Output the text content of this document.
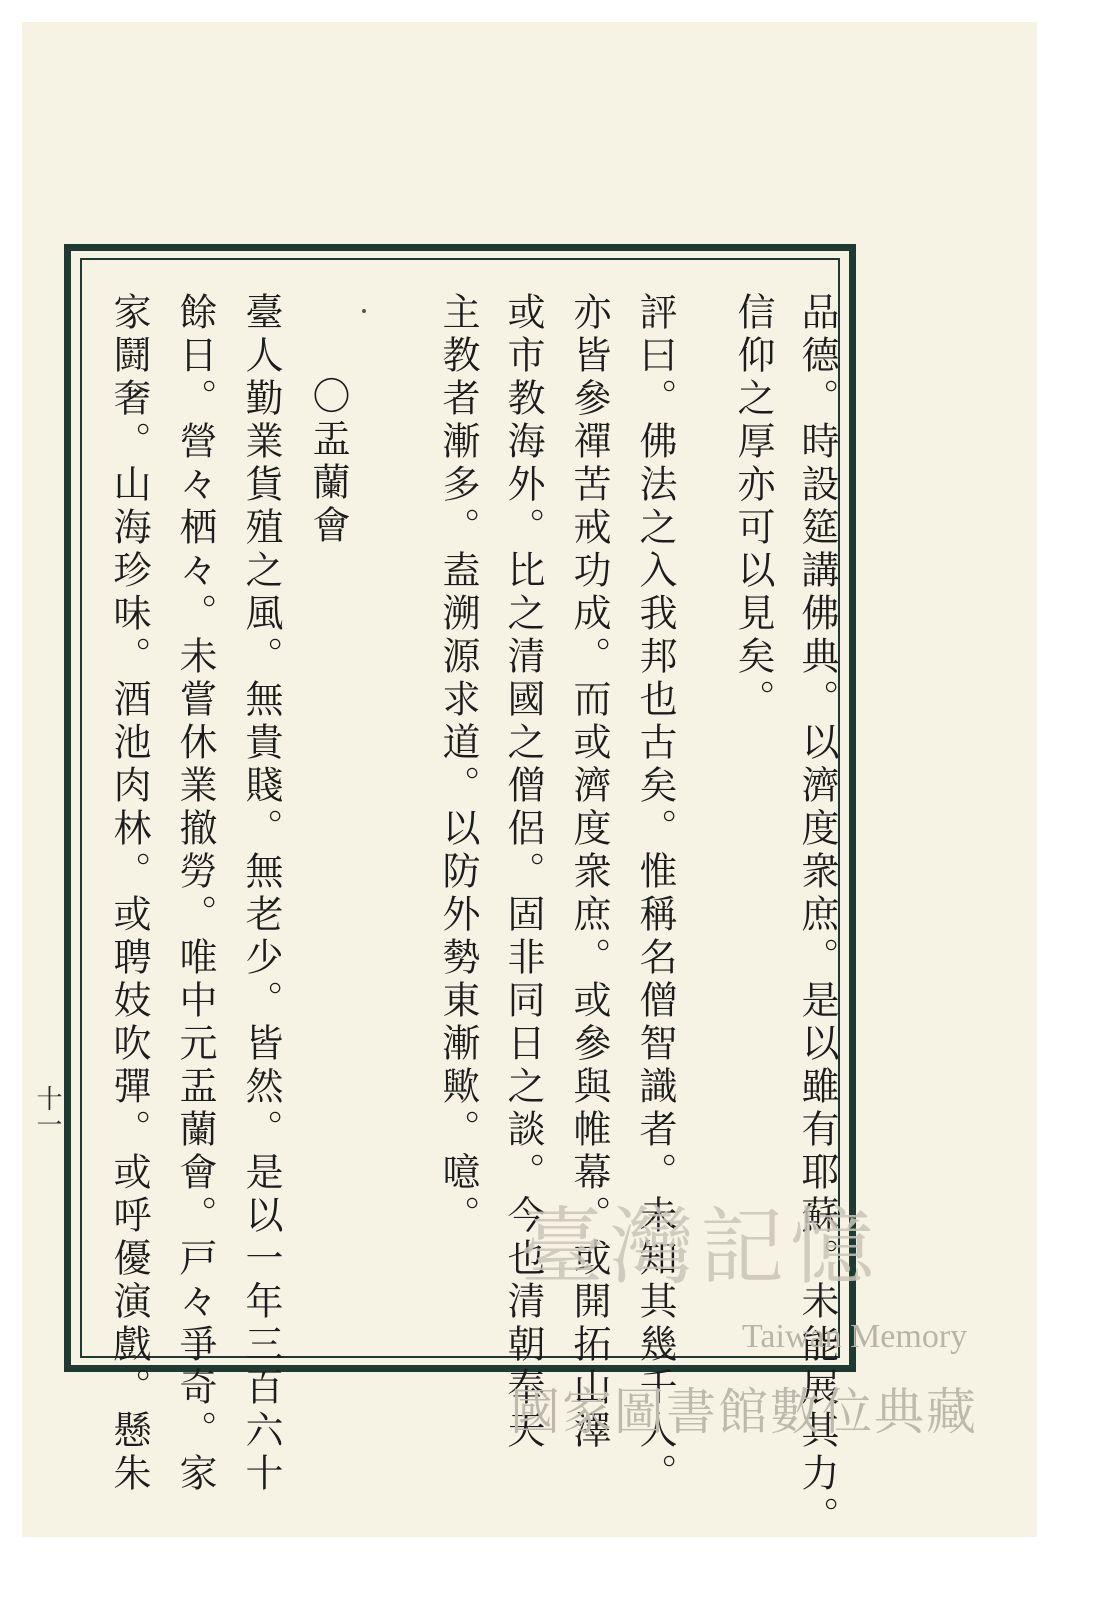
品德。時設筵講佛典。以濟度衆庶。是以雖有耶蘇。未能展其力。
信仰之厚亦可以見矣。
評曰。佛法之入我邦也古矣。惟稱名僧智識者。未知其幾千人。
亦皆參禪苦戒功成。而或濟度衆庶。或參與帷幕。或開拓山澤
或市教海外。比之清國之僧侶。固非同日之談。今也清朝奉天
主教者漸多。盍溯源求道。以防外勢東漸歟。噫。
〇盂蘭會
臺人勤業貨殖之風。無貴賤。無老少。皆然。是以一年三百六十
餘日。營々栖々。未嘗休業撤勞。唯中元盂蘭會。戸々爭奇。家
家鬪奢。山海珍味。酒池肉林。或聘妓吹彈。或呼優演戲。懸朱
十一
臺灣記憶
Taiwan Memory
國家圖書館數位典藏
